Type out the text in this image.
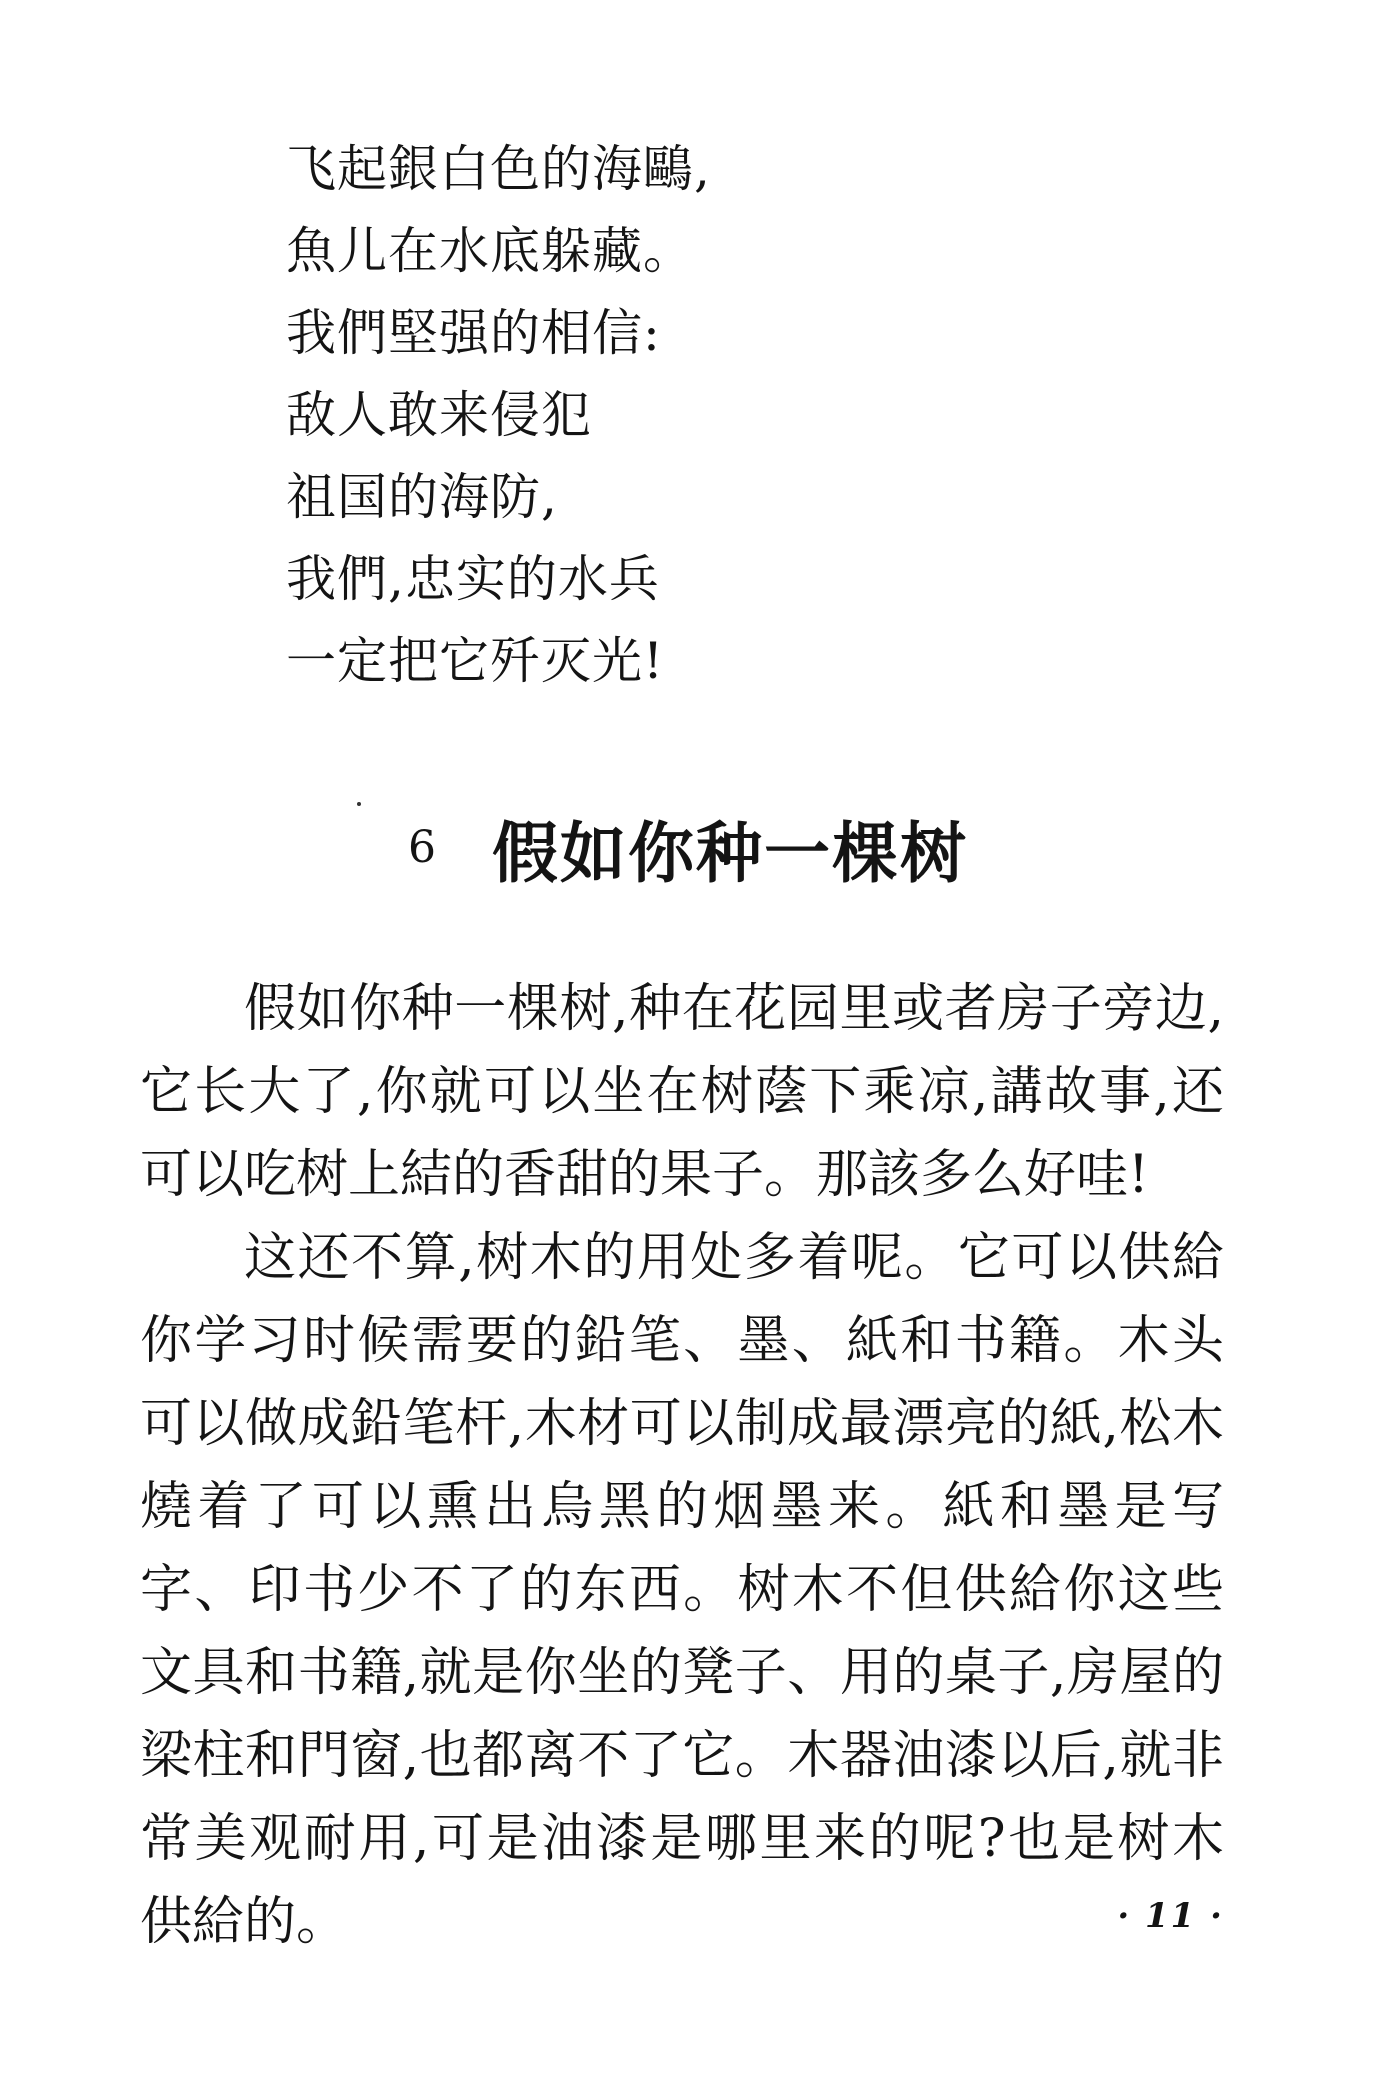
飞起銀白色的海鷗,
魚儿在水底躲藏。
我們堅强的相信:
敌人敢来侵犯
祖国的海防,
我們,忠实的水兵
一定把它歼灭光!
6 假如你种一棵树

假如你种一棵树,种在花园里或者房子旁边,它长大了,你就可以坐在树蔭下乘凉,講故事,还可以吃树上結的香甜的果子。那該多么好哇!

这还不算,树木的用处多着呢。它可以供給你学习时候需要的鉛笔、墨、紙和书籍。木头可以做成鉛笔杆,木材可以制成最漂亮的紙,松木燒着了可以熏出烏黑的烟墨来。紙和墨是写字、印书少不了的东西。树木不但供給你这些文具和书籍,就是你坐的凳子、用的桌子,房屋的梁柱和門窗,也都离不了它。木器油漆以后,就非常美观耐用,可是油漆是哪里来的呢?也是树木供給的。	· 11 ·
